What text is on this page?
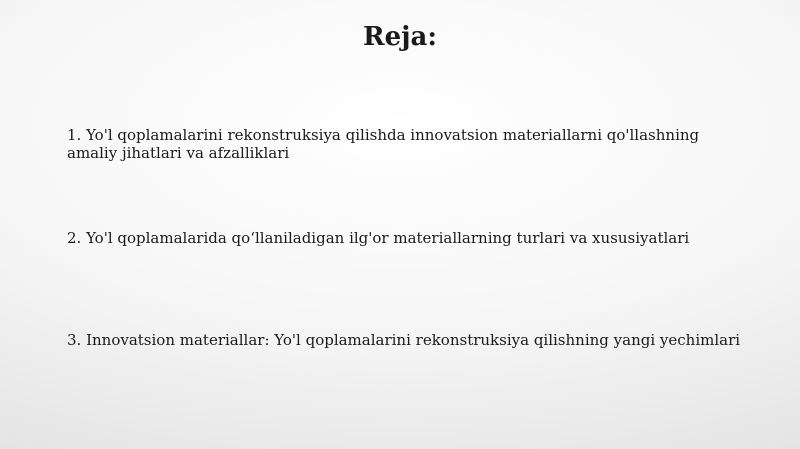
Reja:

1. Yo'l qoplamalarini rekonstruksiya qilishda innovatsion materiallarni qo'llashning amaliy jihatlari va afzalliklari

2. Yo'l qoplamalarida qo‘llaniladigan ilg'or materiallarning turlari va xususiyatlari

3. Innovatsion materiallar: Yo'l qoplamalarini rekonstruksiya qilishning yangi yechimlari
